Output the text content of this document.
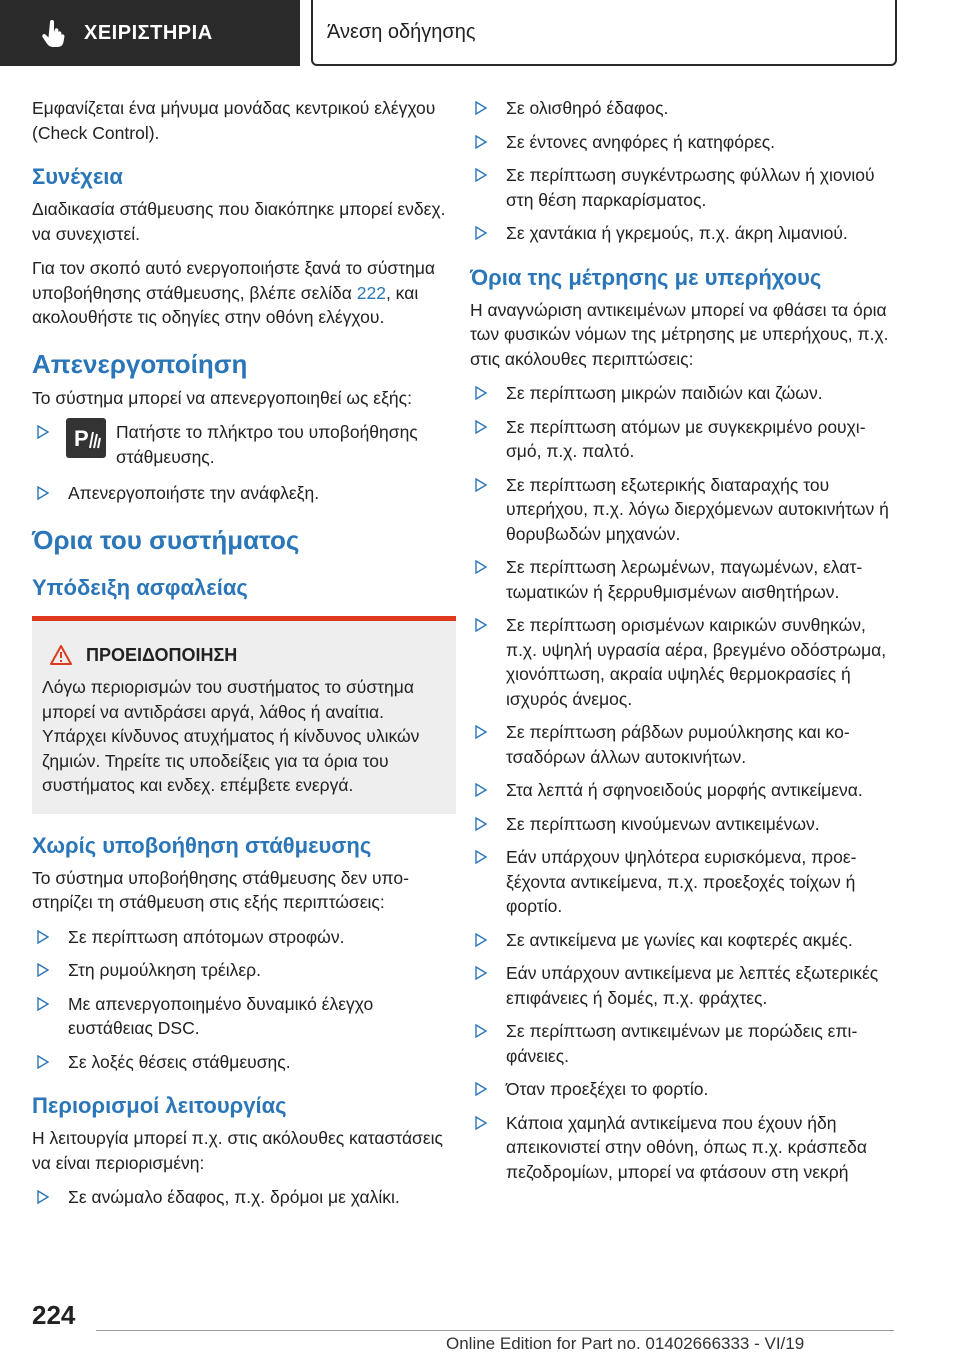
ΧΕΙΡΙΣΤΗΡΙΑ	Άνεση οδήγησης

Εμφανίζεται ένα μήνυμα μονάδας κεντρικού ελέγχου (Check Control).

Συνέχεια

Διαδικασία στάθμευσης που διακόπηκε μπορεί ενδεχ. να συνεχιστεί.

Για τον σκοπό αυτό ενεργοποιήστε ξανά το σύστημα υποβοήθησης στάθμευσης, βλέπε σελίδα 222, και ακολουθήστε τις οδηγίες στην οθόνη ελέγχου.

Απενεργοποίηση

Το σύστημα μπορεί να απενεργοποιηθεί ως εξής:

P Πατήστε το πλήκτρο του υποβοήθησης στάθμευσης.
Απενεργοποιήστε την ανάφλεξη.
Όρια του συστήματος
Υπόδειξη ασφαλείας
ΠΡΟΕΙΔΟΠΟΙΗΣΗ
Λόγω περιορισμών του συστήματος το σύστημα μπορεί να αντιδράσει αργά, λάθος ή αναίτια. Υπάρχει κίνδυνος ατυχήματος ή κίνδυνος υλικών ζημιών. Τηρείτε τις υποδείξεις για τα όρια του συστήματος και ενδεχ. επέμβετε ενεργά.
Χωρίς υποβοήθηση στάθμευσης

Το σύστημα υποβοήθησης στάθμευσης δεν υποστηρίζει τη στάθμευση στις εξής περιπτώσεις:

Σε περίπτωση απότομων στροφών.
Στη ρυμούλκηση τρέιλερ.
Με απενεργοποιημένο δυναμικό έλεγχο ευστάθειας DSC.
Σε λοξές θέσεις στάθμευσης.
Περιορισμοί λειτουργίας

Η λειτουργία μπορεί π.χ. στις ακόλουθες καταστάσεις να είναι περιορισμένη:

Σε ανώμαλο έδαφος, π.χ. δρόμοι με χαλίκι.
Σε ολισθηρό έδαφος.
Σε έντονες ανηφόρες ή κατηφόρες.
Σε περίπτωση συγκέντρωσης φύλλων ή χιονιού στη θέση παρκαρίσματος.
Σε χαντάκια ή γκρεμούς, π.χ. άκρη λιμανιού.
Όρια της μέτρησης με υπερήχους

Η αναγνώριση αντικειμένων μπορεί να φθάσει τα όρια των φυσικών νόμων της μέτρησης με υπερήχους, π.χ. στις ακόλουθες περιπτώσεις:

Σε περίπτωση μικρών παιδιών και ζώων.
Σε περίπτωση ατόμων με συγκεκριμένο ρουχισμό, π.χ. παλτό.
Σε περίπτωση εξωτερικής διαταραχής του υπερήχου, π.χ. λόγω διερχόμενων αυτοκινήτων ή θορυβωδών μηχανών.
Σε περίπτωση λερωμένων, παγωμένων, ελαττωματικών ή ξερρυθμισμένων αισθητήρων.
Σε περίπτωση ορισμένων καιρικών συνθηκών, π.χ. υψηλή υγρασία αέρα, βρεγμένο οδόστρωμα, χιονόπτωση, ακραία υψηλές θερμοκρασίες ή ισχυρός άνεμος.
Σε περίπτωση ράβδων ρυμούλκησης και κοτσαδόρων άλλων αυτοκινήτων.
Στα λεπτά ή σφηνοειδούς μορφής αντικείμενα.
Σε περίπτωση κινούμενων αντικειμένων.
Εάν υπάρχουν ψηλότερα ευρισκόμενα, προεξέχοντα αντικείμενα, π.χ. προεξοχές τοίχων ή φορτίο.
Σε αντικείμενα με γωνίες και κοφτερές ακμές.
Εάν υπάρχουν αντικείμενα με λεπτές εξωτερικές επιφάνειες ή δομές, π.χ. φράχτες.
Σε περίπτωση αντικειμένων με πορώδεις επιφάνειες.
Όταν προεξέχει το φορτίο.
Κάποια χαμηλά αντικείμενα που έχουν ήδη απεικονιστεί στην οθόνη, όπως π.χ. κράσπεδα πεζοδρομίων, μπορεί να φτάσουν στη νεκρή
224
Online Edition for Part no. 01402666333 - VI/19
